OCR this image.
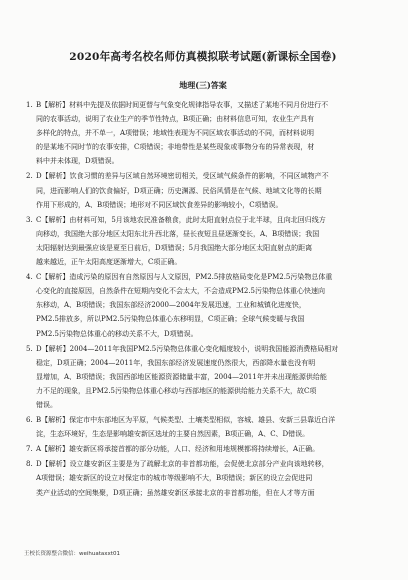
2020年高考名校名师仿真模拟联考试题(新课标全国卷)
地理(三)答案
1. B【解析】材料中先提及依据时间更替与气象变化规律指导农事，又描述了某地不同月份进行不
同的农事活动，说明了农业生产的季节性特点，B项正确；由材料信息可知，农业生产具有
多样化的特点，并不单一，A项错误；地域性表现为不同区域农事活动的不同，而材料说明
的是某地不同时节的农事安排，C项错误；非地带性是某些现象或事物分布的异常表现，材
料中并未体现，D项错误。
2. D【解析】饮食习惯的差异与区域自然环境密切相关，受区域气候条件的影响，不同区域物产不
同，进而影响人们的饮食偏好，D项正确；历史渊源、民俗风情是在气候、地域文化等的长期
作用下形成的，A、B项错误；地形对不同区域饮食差异的影响较小，C项错误。
3. C【解析】由材料可知，5月该地农民准备粮食，此时太阳直射点位于北半球，且向北回归线方
向移动，我国绝大部分地区太阳东北升西北落，昼长夜短且昼逐渐变长，A、B项错误；我国
太阳辐射达到最强应该是夏至日前后，D项错误；5月我国绝大部分地区太阳直射点的距离
越来越近，正午太阳高度逐渐增大，C项正确。
4. C【解析】造成污染的原因有自然原因与人文原因，PM2.5排放格局变化是PM2.5污染物总体重
心变化的直接原因，自然条件在短期内变化不会太大，不会造成PM2.5污染物总体重心快速向
东移动，A、B项错误；我国东部经济2000—2004年发展迅速，工业和城镇化进度快，
PM2.5排放多，所以PM2.5污染物总体重心东移明显，C项正确；全球气候变暖与我国
PM2.5污染物总体重心的移动关系不大，D项错误。
5. D【解析】2004—2011年我国PM2.5污染物总体重心变化幅度较小，说明我国能源消费格局相对
稳定，D项正确；2004—2011年，我国东部经济发展速度仍然很大，西部降水量也没有明
显增加，A、B项错误；我国西部地区能源资源储量丰富，2004—2011年并未出现能源供给能
力不足的现象，且PM2.5污染物总体重心移动与西部地区的能源供给能力关系不大，故C项
错误。
6. B【解析】保定市中东部地区为平原，气候类型、土壤类型相似，容城、雄县、安新三县靠近白洋
淀，生态环境好，生态是影响雄安新区选址的主要自然因素，B项正确，A、C、D错误。
7. A【解析】雄安新区将承接首都的部分功能，人口、经济和用地规模都将持续增长，A正确。
8. D【解析】设立雄安新区主要是为了疏解北京的非首都功能，会促使北京部分产业向该地转移，
A项错误；雄安新区的设立对保定市的城市等级影响不大，B项错误；新区的设立会促进同
类产业活动的空间集聚，D项正确；虽然雄安新区承接北京的非首都功能，但在人才等方面
王校长资源整合微信：weihuataxxt01
